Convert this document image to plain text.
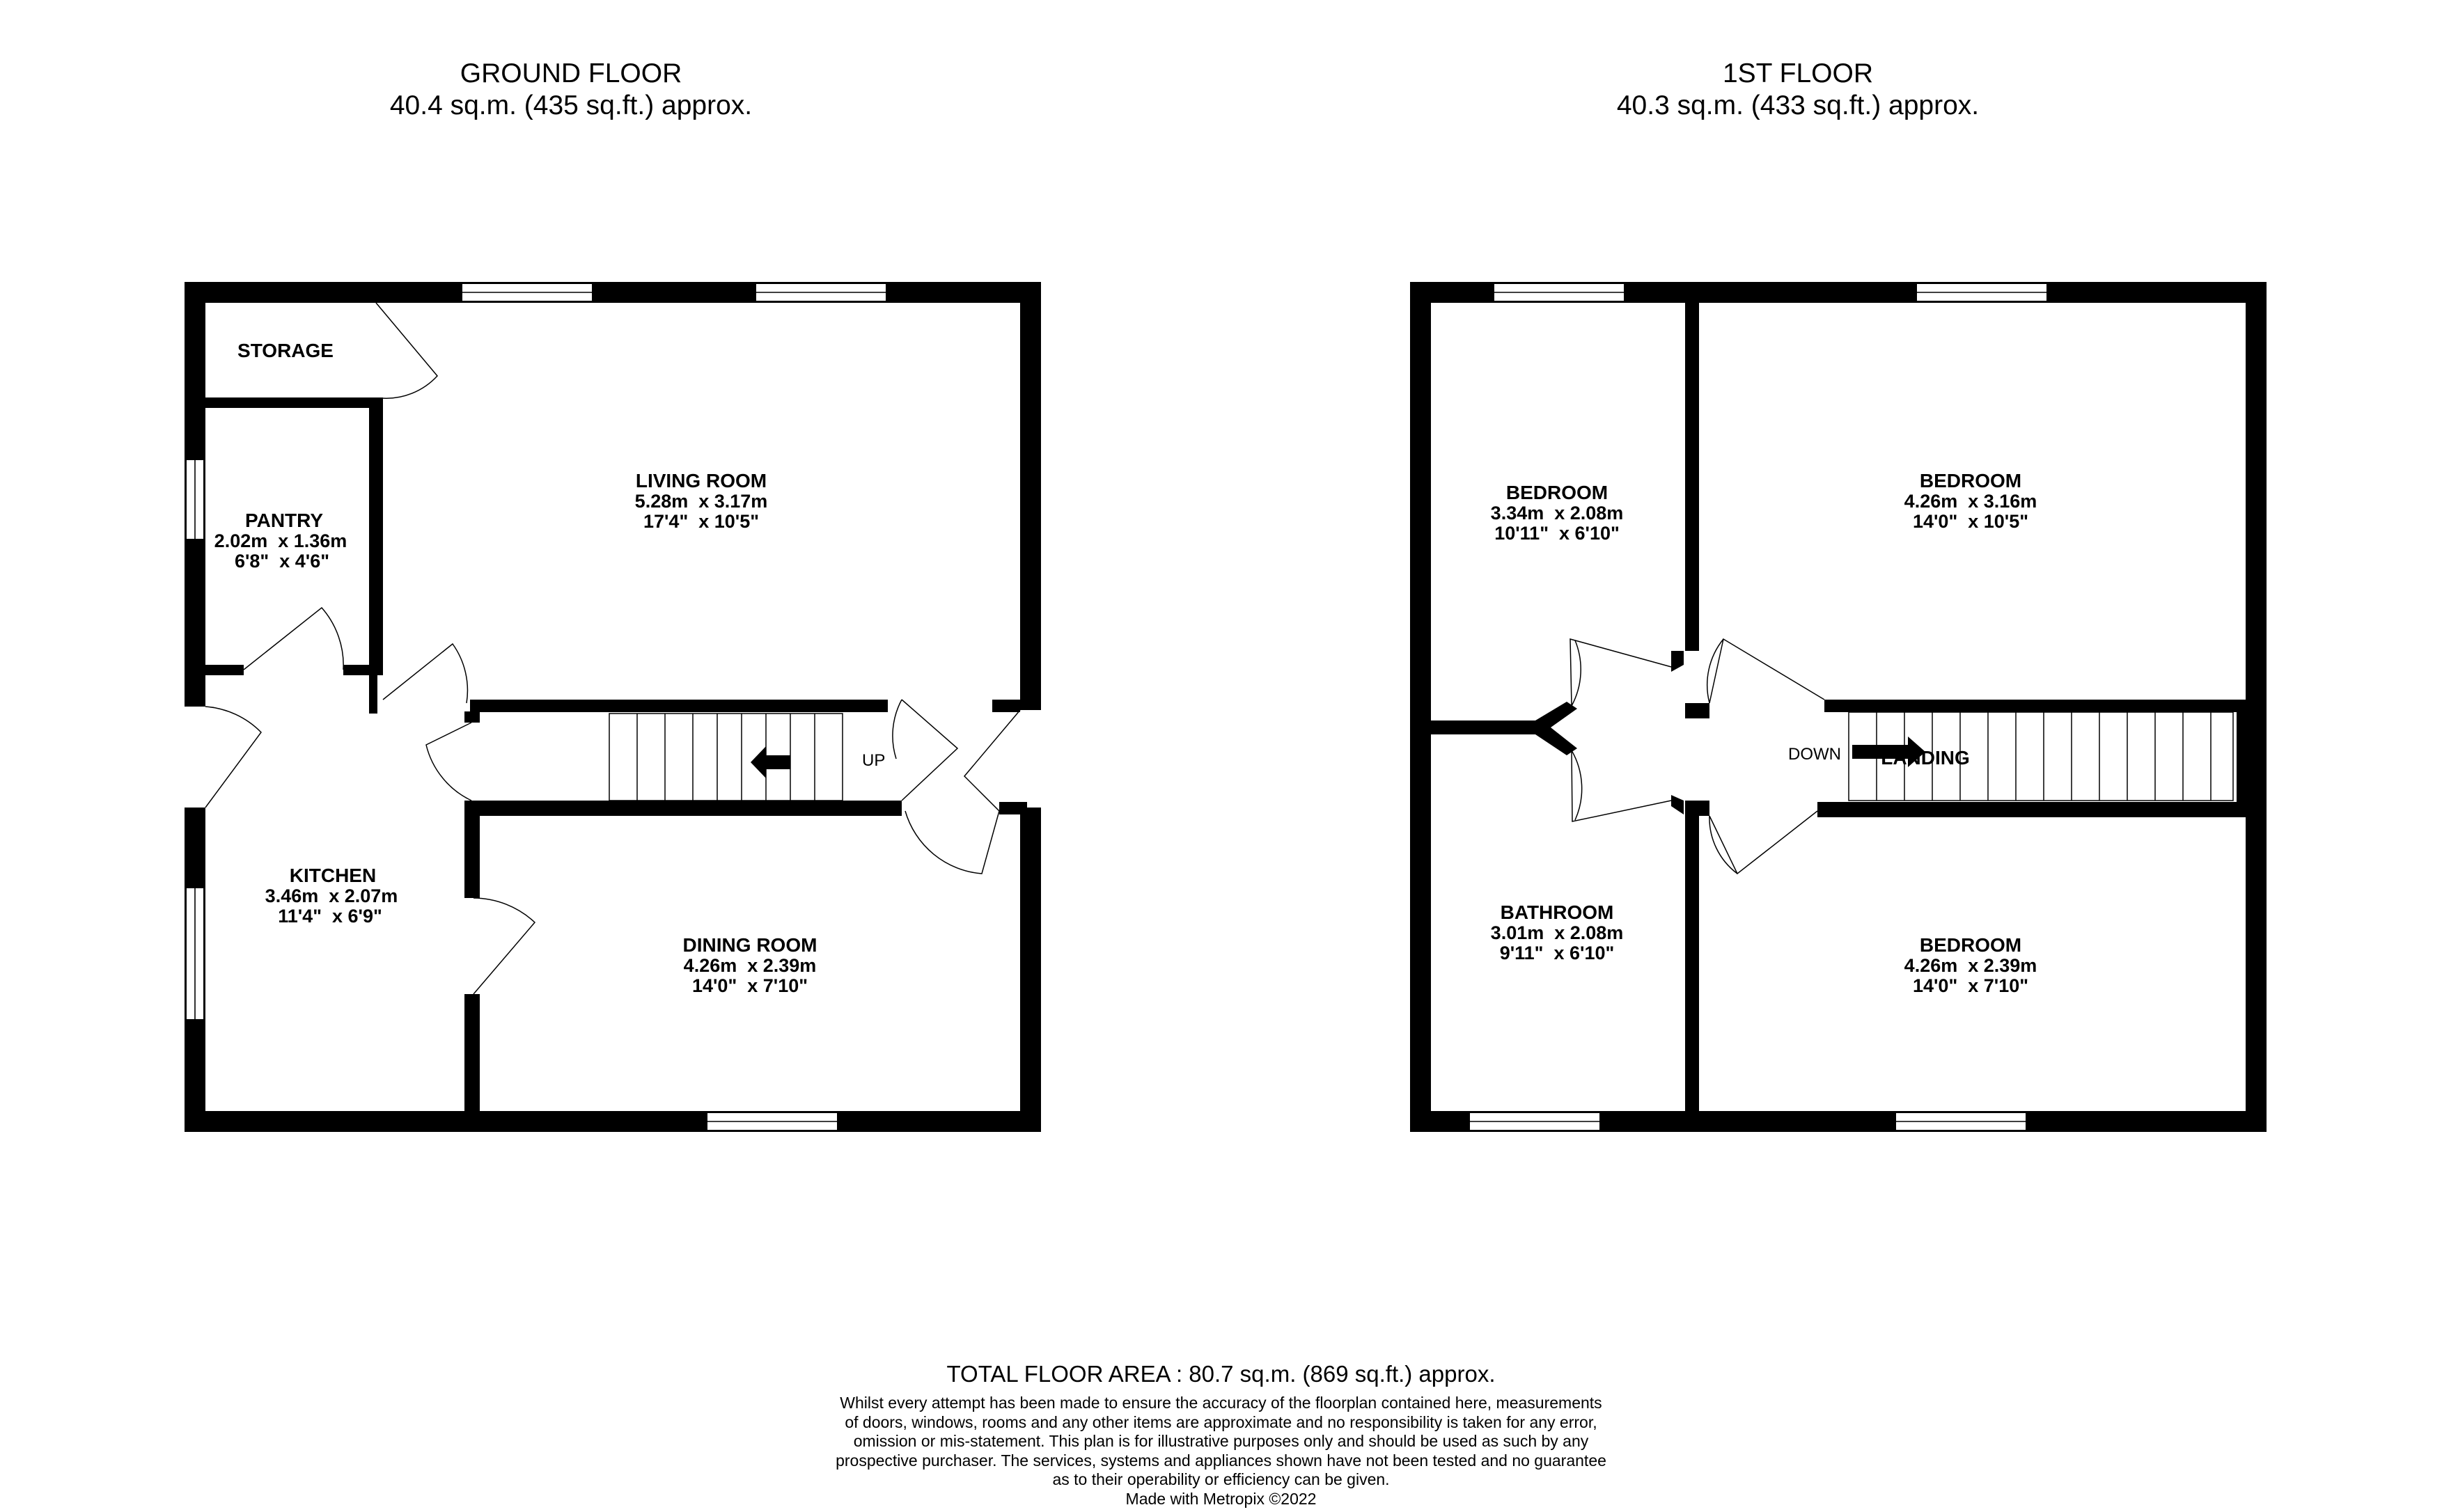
GROUND FLOOR
40.4 sq.m. (435 sq.ft.) approx.
1ST FLOOR
40.3 sq.m. (433 sq.ft.) approx.
UP
STORAGE
PANTRY
2.02m  x 1.36m
6'8"  x 4'6"
LIVING ROOM
5.28m  x 3.17m
17'4"  x 10'5"
KITCHEN
3.46m  x 2.07m
11'4"  x 6'9"
DINING ROOM
4.26m  x 2.39m
14'0"  x 7'10"
DOWN
BEDROOM
3.34m  x 2.08m
10'11"  x 6'10"
BEDROOM
4.26m  x 3.16m
14'0"  x 10'5"
LANDING
BATHROOM
3.01m  x 2.08m
9'11"  x 6'10"	BEDROOM
4.26m  x 2.39m
14'0"  x 7'10"
TOTAL FLOOR AREA : 80.7 sq.m. (869 sq.ft.) approx.
Whilst every attempt has been made to ensure the accuracy of the floorplan contained here, measurements
of doors, windows, rooms and any other items are approximate and no responsibility is taken for any error,
omission or mis-statement. This plan is for illustrative purposes only and should be used as such by any
prospective purchaser. The services, systems and appliances shown have not been tested and no guarantee
as to their operability or efficiency can be given.
Made with Metropix ©2022
